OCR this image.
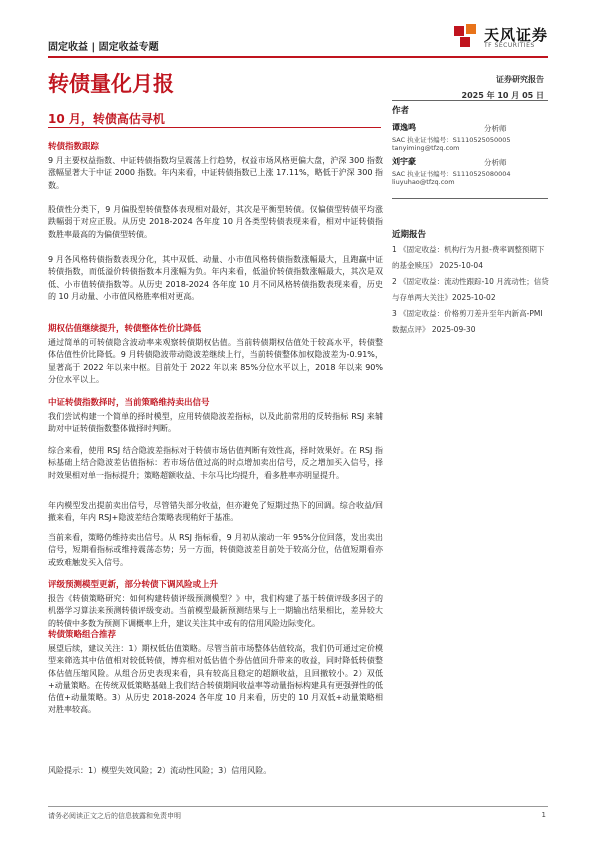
天风证券
TF SECURITIES
固定收益 | 固定收益专题
转债量化月报	证券研究报告
2025 年 10 月 05 日
10 月，转债高估寻机
转债指数跟踪
9 月主要权益指数、中证转债指数均呈震荡上行趋势，权益市场风格更偏大盘，沪深 300 指数涨幅显著大于中证 2000 指数。年内来看，中证转债指数已上涨 17.11%，略低于沪深 300 指数。
股债性分类下，9 月偏股型转债整体表现相对最好，其次是平衡型转债。仅偏债型转债平均涨跌幅弱于对应正股。从历史 2018-2024 各年度 10 月各类型转债表现来看，相对中证转债指数胜率最高的为偏债型转债。
9 月各风格转债指数表现分化，其中双低、动量、小市值风格转债指数涨幅最大，且跑赢中证转债指数，而低溢价转债指数本月涨幅为负。年内来看，低溢价转债指数涨幅最大，其次是双低、小市值转债指数等。从历史 2018-2024 各年度 10 月不同风格转债指数表现来看，历史的 10 月动量、小市值风格胜率相对更高。
期权估值继续提升，转债整体性价比降低
通过简单的可转债隐含波动率来观察转债期权估值。当前转债期权估值处于较高水平，转债整体估值性价比降低。9 月转债隐波带动隐波差继续上行，当前转债整体加权隐波差为-0.91%，显著高于 2022 年以来中枢。目前处于 2022 年以来 85%分位水平以上，2018 年以来 90%分位水平以上。
中证转债指数择时，当前策略维持卖出信号
我们尝试构建一个简单的择时模型，应用转债隐波差指标，以及此前常用的反转指标 RSJ 来辅助对中证转债指数整体做择时判断。
综合来看，使用 RSJ 结合隐波差指标对于转债市场估值判断有效性高，择时效果好。在 RSJ 指标基础上结合隐波差估值指标：若市场估值过高的时点增加卖出信号，反之增加买入信号，择时效果相对单一指标提升；策略超额收益、卡尔马比均提升，看多胜率亦明显提升。
年内模型发出提前卖出信号，尽管错失部分收益，但亦避免了短期过热下的回调。综合收益/回撤来看，年内 RSJ+隐波差结合策略表现稍好于基准。
当前来看，策略仍维持卖出信号。从 RSJ 指标看，9 月初从滚动一年 95%分位回落，发出卖出信号，短期看指标或维持震荡态势；另一方面，转债隐波差目前处于较高分位，估值短期看亦或致难触发买入信号。
评级预测模型更新，部分转债下调风险或上升
报告《转债策略研究：如何构建转债评级预测模型？》中，我们构建了基于转债评级多因子的机器学习算法来预测转债评级变动。当前模型最新预测结果与上一期输出结果相比，差异较大的转债中多数为预测下调概率上升，建议关注其中或有的信用风险边际变化。
转债策略组合推荐
展望后续，建议关注：1）期权低估值策略。尽管当前市场整体估值较高，我们仍可通过定价模型来筛选其中估值相对较低转债，博弈相对低估值个券估值回升带来的收益，同时降低转债整体估值压缩风险。从组合历史表现来看，具有较高且稳定的超额收益，且回撤较小。2）双低+动量策略。在传统双低策略基础上我们结合转债期间收益率等动量指标构建具有更强弹性的低估值+动量策略。3）从历史 2018-2024 各年度 10 月来看，历史的 10 月双低+动量策略相对胜率较高。
风险提示：1）模型失效风险；2）流动性风险；3）信用风险。
作者
谭逸鸣	分析师
SAC 执业证书编号：S1110525050005
tanyiming@tfzq.com
刘宇豪	分析师
SAC 执业证书编号：S1110525080004
liuyuhao@tfzq.com
近期报告
1 《固定收益：机构行为月报-费率调整预期下的基金赎压》 2025-10-04
2 《固定收益：流动性跟踪-10 月流动性；信贷与存单两大关注》2025-10-02
3 《固定收益：价格剪刀差升至年内新高-PMI 数据点评》 2025-09-30
请务必阅读正文之后的信息披露和免责申明	1
